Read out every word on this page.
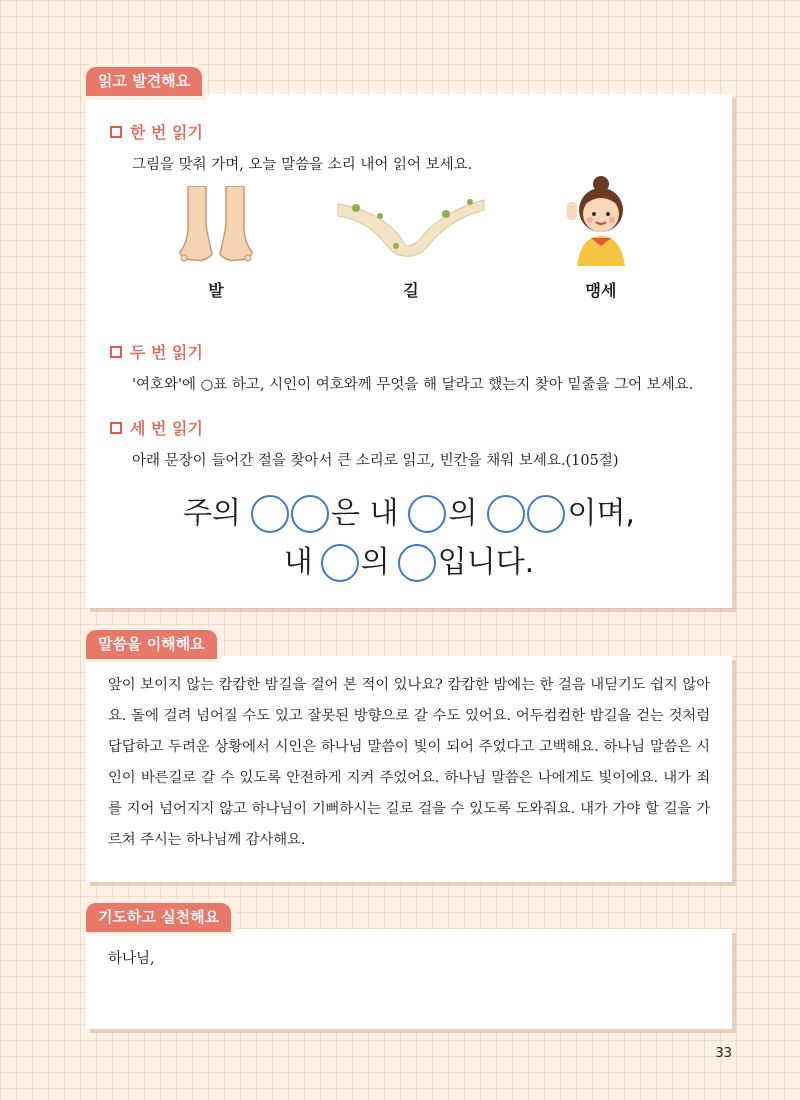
읽고 발견해요
한 번 읽기
그림을 맞춰 가며, 오늘 말씀을 소리 내어 읽어 보세요.
발	길	맹세
두 번 읽기
'여호와'에 ○표 하고, 시인이 여호와께 무엇을 해 달라고 했는지 찾아 밑줄을 그어 보세요.
세 번 읽기
아래 문장이 들어간 절을 찾아서 큰 소리로 읽고, 빈칸을 채워 보세요.(105절)
주의	은 내 의	이며,
내 의 입니다.
말씀을 이해해요

앞이 보이지 않는 캄캄한 밤길을 걸어 본 적이 있나요? 캄캄한 밤에는 한 걸음 내딛기도 쉽지 않아요. 돌에 걸려 넘어질 수도 있고 잘못된 방향으로 갈 수도 있어요. 어두컴컴한 밤길을 걷는 것처럼 답답하고 두려운 상황에서 시인은 하나님 말씀이 빛이 되어 주었다고 고백해요. 하나님 말씀은 시인이 바른길로 갈 수 있도록 안전하게 지켜 주었어요. 하나님 말씀은 나에게도 빛이에요. 내가 죄를 지어 넘어지지 않고 하나님이 기뻐하시는 길로 걸을 수 있도록 도와줘요. 내가 가야 할 길을 가르쳐 주시는 하나님께 감사해요.

기도하고 실천해요
하나님,
33
